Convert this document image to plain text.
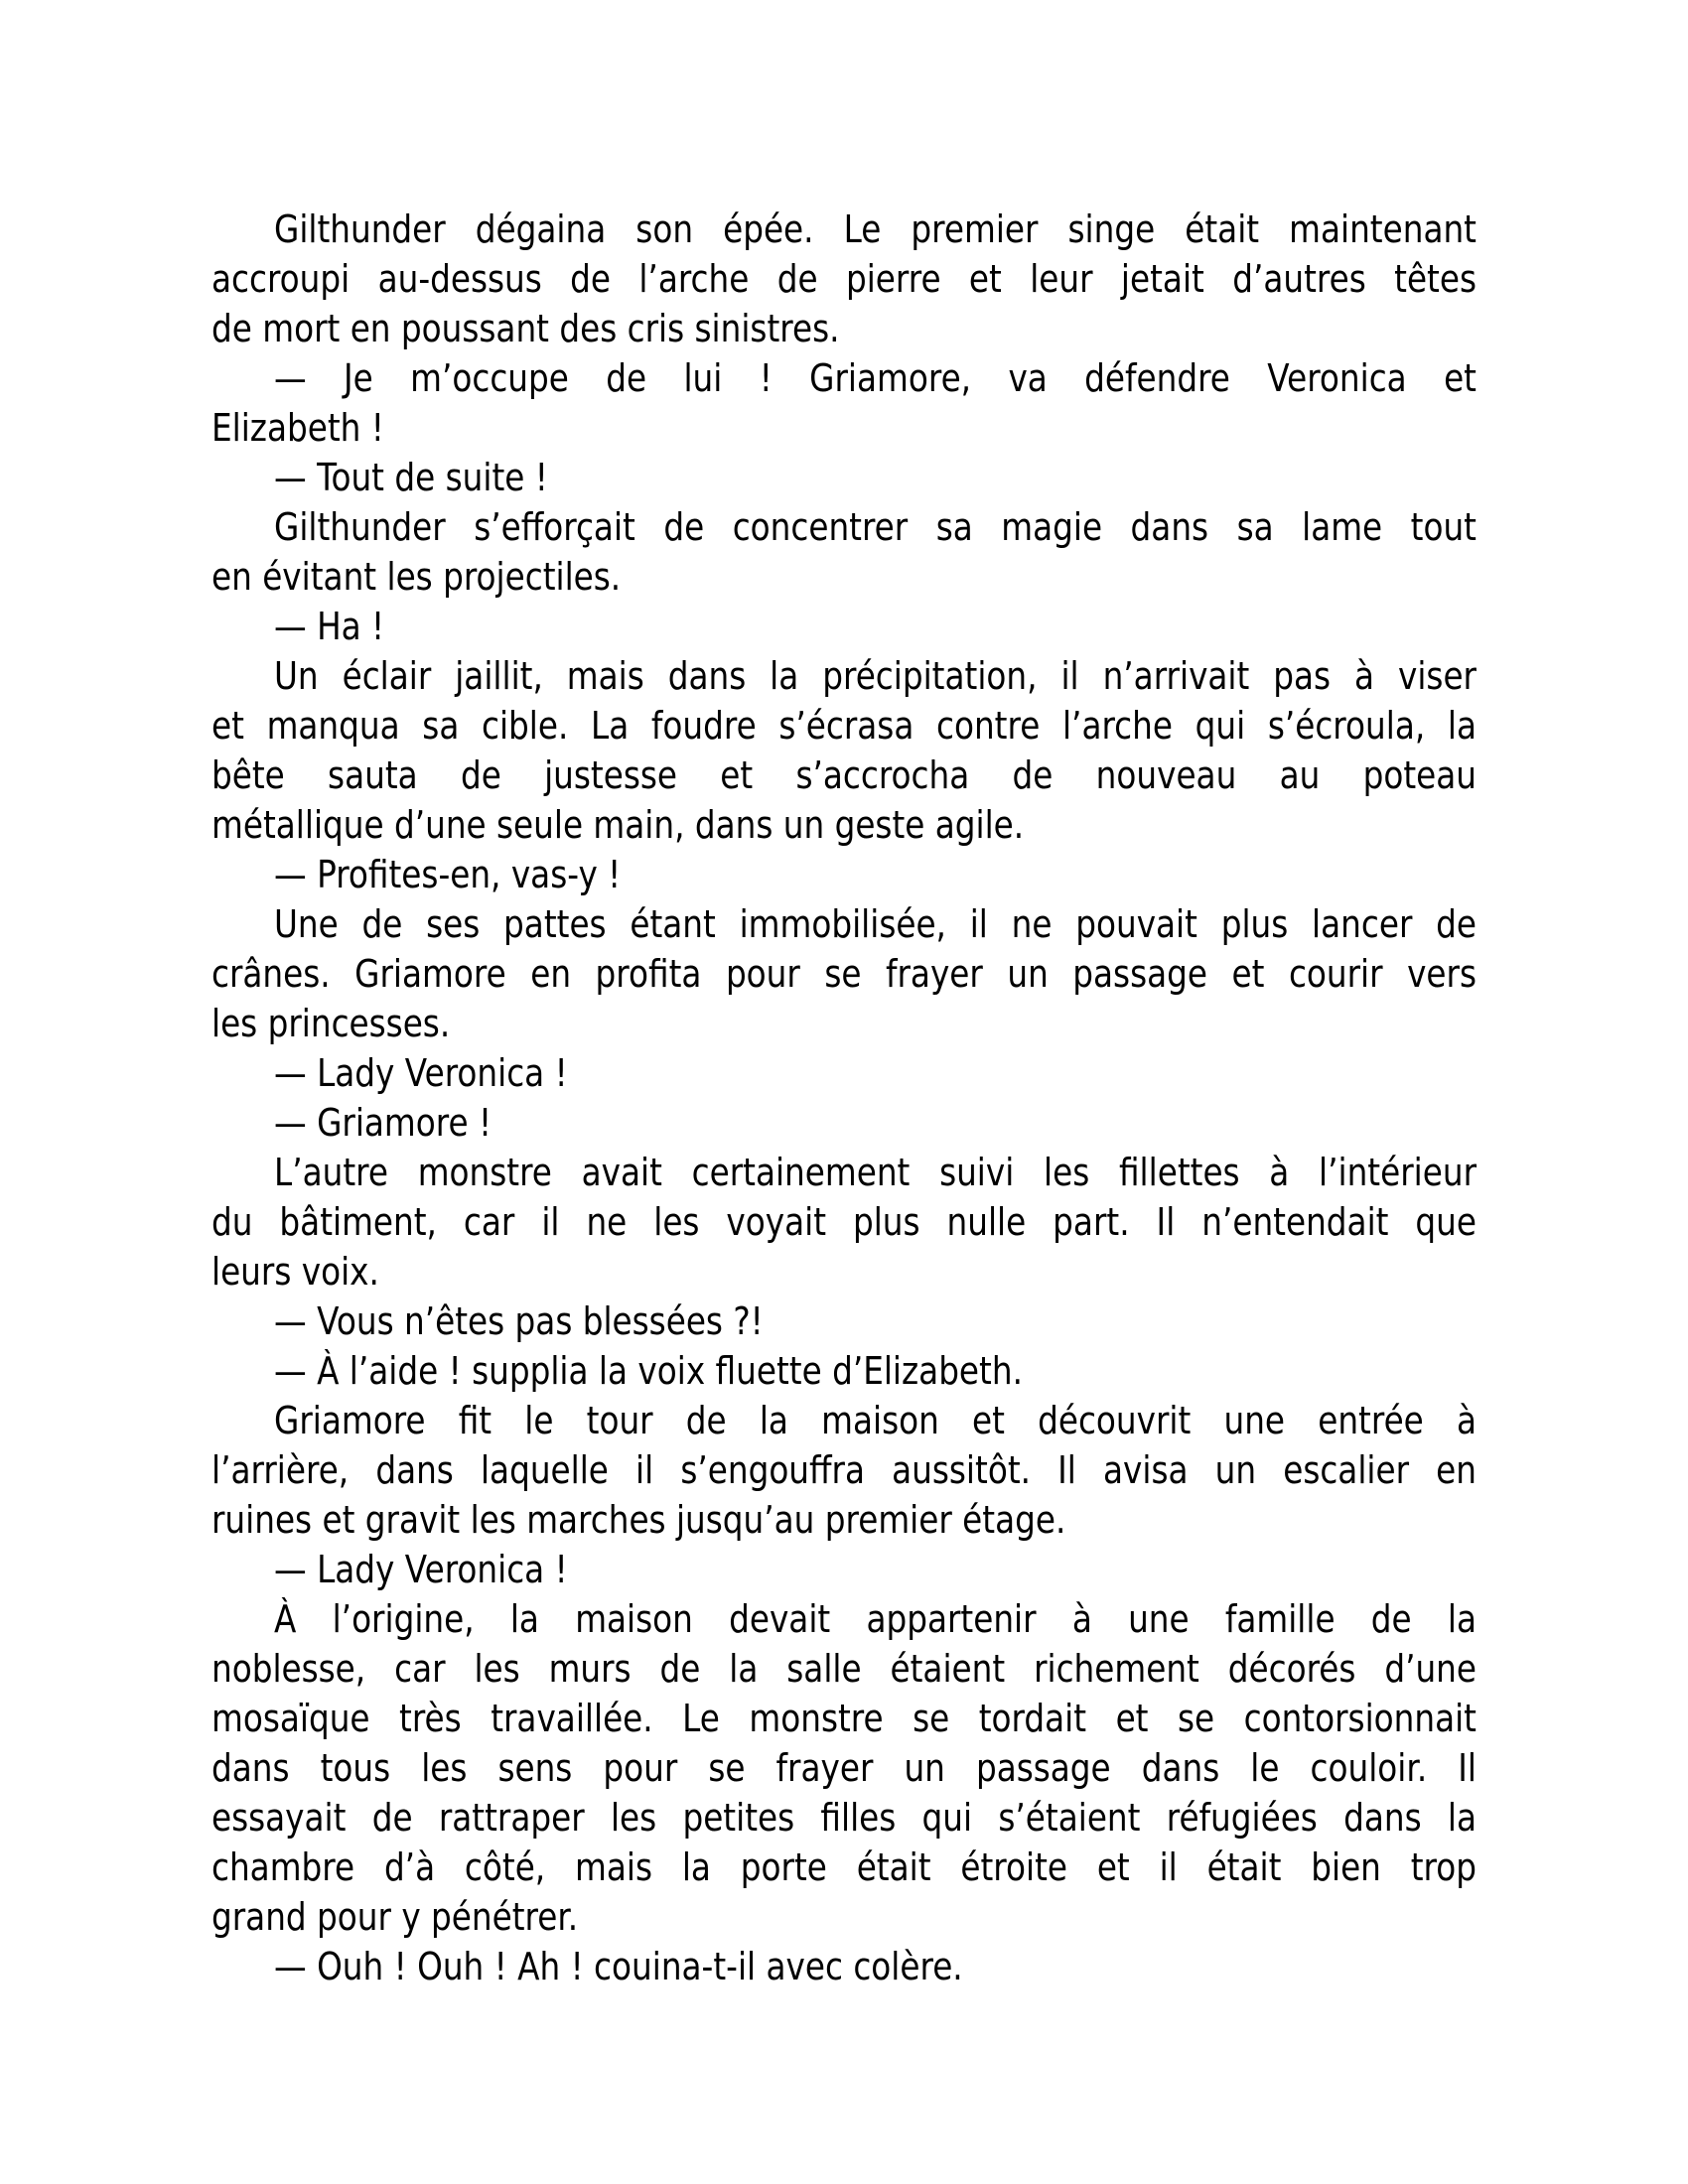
Gilthunder dégaina son épée. Le premier singe était maintenant
accroupi au-dessus de l’arche de pierre et leur jetait d’autres têtes
de mort en poussant des cris sinistres.
— Je m’occupe de lui ! Griamore, va défendre Veronica et
Elizabeth !
— Tout de suite !
Gilthunder s’efforçait de concentrer sa magie dans sa lame tout
en évitant les projectiles.
— Ha !
Un éclair jaillit, mais dans la précipitation, il n’arrivait pas à viser
et manqua sa cible. La foudre s’écrasa contre l’arche qui s’écroula, la
bête sauta de justesse et s’accrocha de nouveau au poteau
métallique d’une seule main, dans un geste agile.
— Profites-en, vas-y !
Une de ses pattes étant immobilisée, il ne pouvait plus lancer de
crânes. Griamore en profita pour se frayer un passage et courir vers
les princesses.
— Lady Veronica !
— Griamore !
L’autre monstre avait certainement suivi les fillettes à l’intérieur
du bâtiment, car il ne les voyait plus nulle part. Il n’entendait que
leurs voix.
— Vous n’êtes pas blessées ?!
— À l’aide ! supplia la voix fluette d’Elizabeth.
Griamore fit le tour de la maison et découvrit une entrée à
l’arrière, dans laquelle il s’engouffra aussitôt. Il avisa un escalier en
ruines et gravit les marches jusqu’au premier étage.
— Lady Veronica !
À l’origine, la maison devait appartenir à une famille de la
noblesse, car les murs de la salle étaient richement décorés d’une
mosaïque très travaillée. Le monstre se tordait et se contorsionnait
dans tous les sens pour se frayer un passage dans le couloir. Il
essayait de rattraper les petites filles qui s’étaient réfugiées dans la
chambre d’à côté, mais la porte était étroite et il était bien trop
grand pour y pénétrer.
— Ouh ! Ouh ! Ah ! couina-t-il avec colère.
